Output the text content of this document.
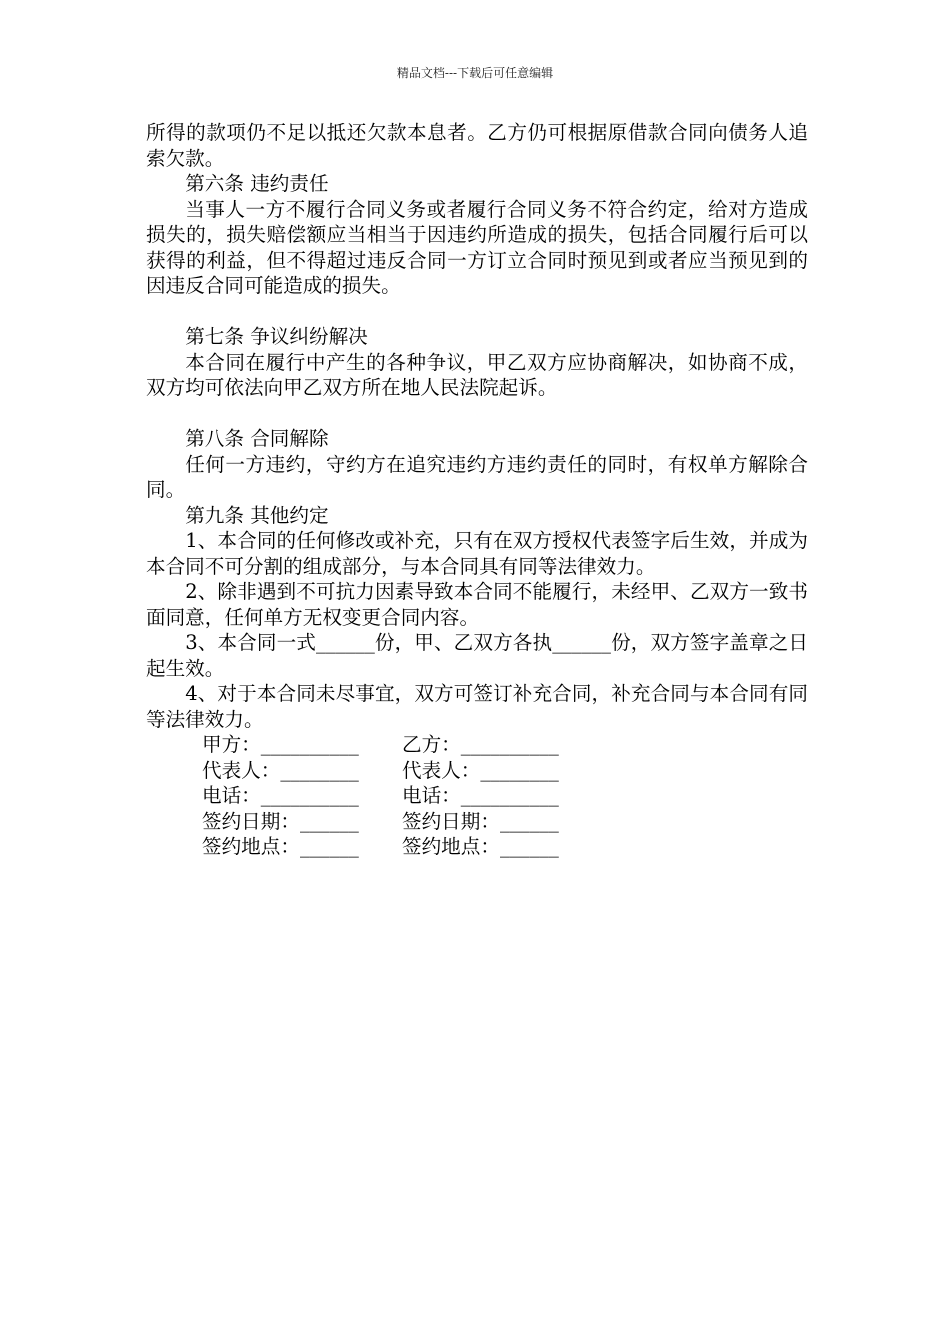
精品文档---下载后可任意编辑

所得的款项仍不足以抵还欠款本息者。乙方仍可根据原借款合同向债务人追索欠款。

第六条 违约责任

当事人一方不履行合同义务或者履行合同义务不符合约定，给对方造成损失的，损失赔偿额应当相当于因违约所造成的损失，包括合同履行后可以获得的利益，但不得超过违反合同一方订立合同时预见到或者应当预见到的因违反合同可能造成的损失。

第七条 争议纠纷解决

本合同在履行中产生的各种争议，甲乙双方应协商解决，如协商不成，双方均可依法向甲乙双方所在地人民法院起诉。

第八条 合同解除

任何一方违约，守约方在追究违约方违约责任的同时，有权单方解除合同。

第九条 其他约定

1、本合同的任何修改或补充，只有在双方授权代表签字后生效，并成为本合同不可分割的组成部分，与本合同具有同等法律效力。

2、除非遇到不可抗力因素导致本合同不能履行，未经甲、乙双方一致书面同意，任何单方无权变更合同内容。

3、本合同一式______份，甲、乙双方各执______份，双方签字盖章之日起生效。

4、对于本合同未尽事宜，双方可签订补充合同，补充合同与本合同有同等法律效力。

甲方：__________	乙方：__________
代表人：________	代表人：________
电话：__________	电话：__________
签约日期：______	签约日期：______
签约地点：______	签约地点：______
